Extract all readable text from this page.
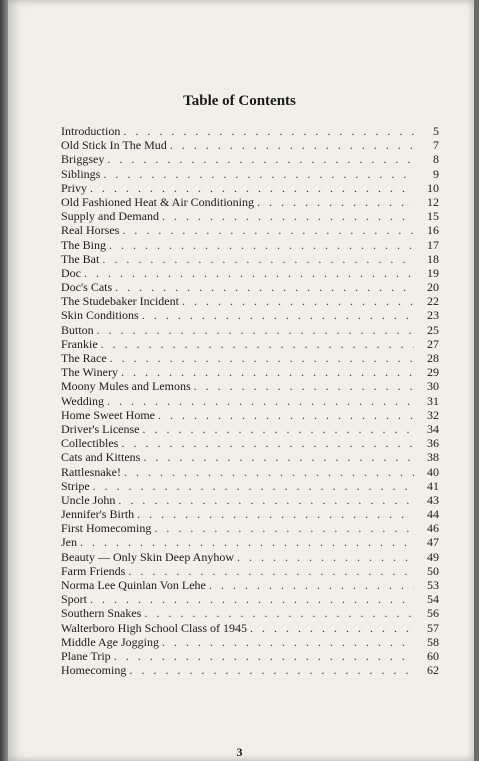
Table of Contents
Introduction . . .	5
Old Stick In The Mud . . .	7
Briggsey . . .	8
Siblings . . .	9
Privy . . .	10
Old Fashioned Heat & Air Conditioning . . .	12
Supply and Demand . . .	15
Real Horses . . .	16
The Bing . . .	17
The Bat . . .	18
Doc . . .	19
Doc's Cats . . .	20
The Studebaker Incident . . .	22
Skin Conditions . . .	23
Button . . .	25
Frankie . . .	27
The Race . . .	28
The Winery . . .	29
Moony Mules and Lemons . . .	30
Wedding . . .	31
Home Sweet Home . . .	32
Driver's License . . .	34
Collectibles . . .	36
Cats and Kittens . . .	38
Rattlesnake! . . .	40
Stripe . . .	41
Uncle John . . .	43
Jennifer's Birth . . .	44
First Homecoming . . .	46
Jen . . .	47
Beauty — Only Skin Deep Anyhow . . .	49
Farm Friends . . .	50
Norma Lee Quinlan Von Lehe . . .	53
Sport . . .	54
Southern Snakes . . .	56
Walterboro High School Class of 1945 . . .	57
Middle Age Jogging . . .	58
Plane Trip . . .	60
Homecoming . . .	62
3
